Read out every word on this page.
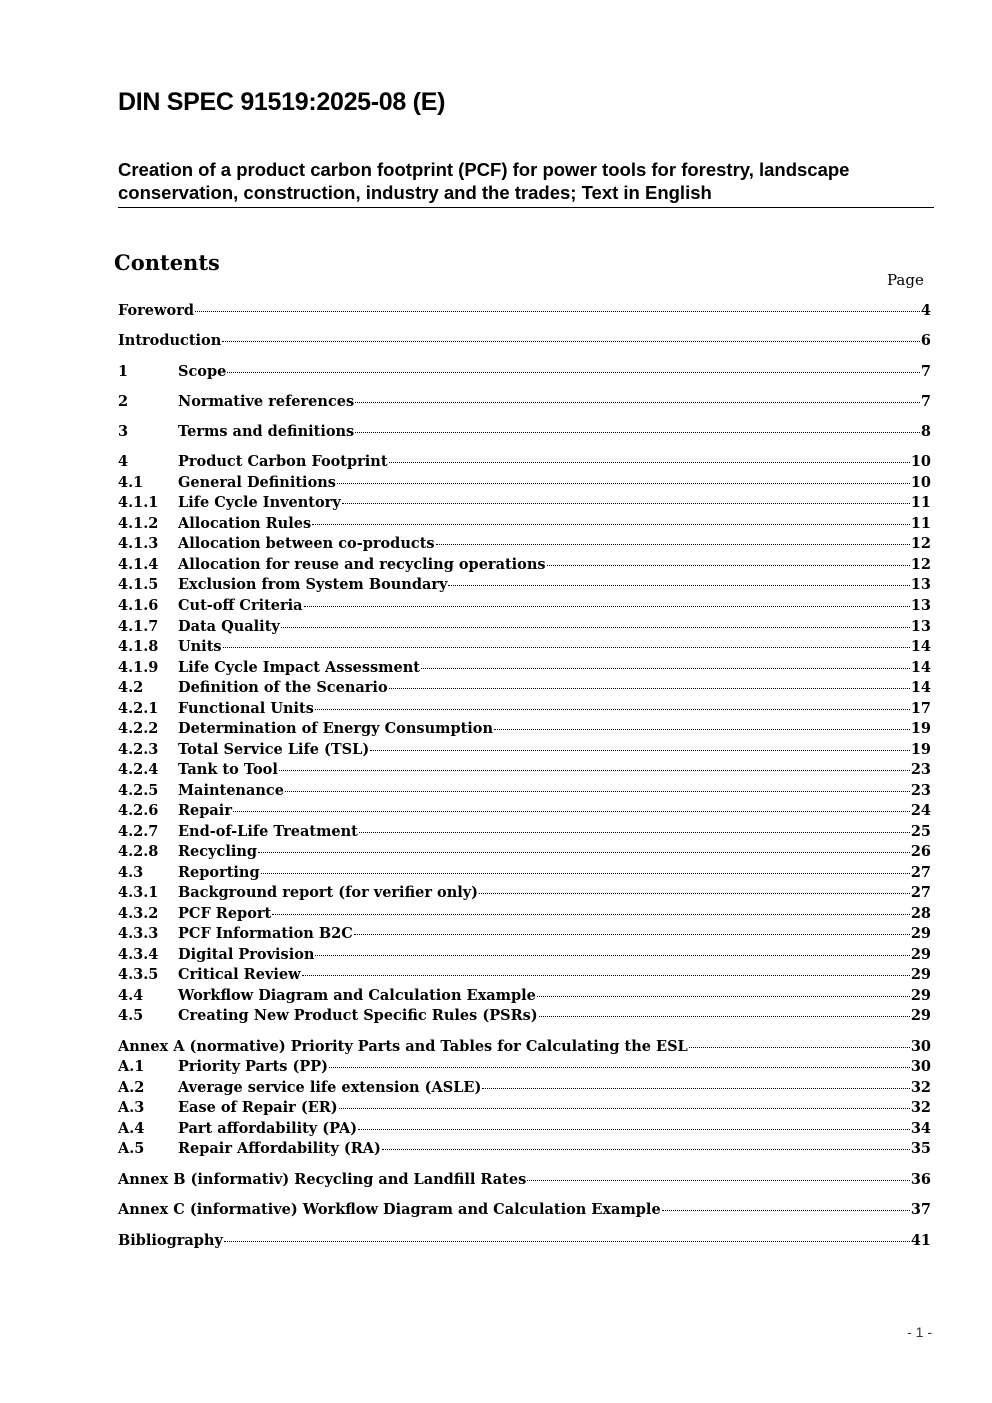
DIN SPEC 91519:2025-08 (E)
Creation of a product carbon footprint (PCF) for power tools for forestry, landscape conservation, construction, industry and the trades; Text in English
Contents
Page
Foreword	4
Introduction	6
1	Scope	7
2	Normative references	7
3	Terms and definitions	8
4	Product Carbon Footprint	10
4.1	General Definitions	10
4.1.1	Life Cycle Inventory	11
4.1.2	Allocation Rules	11
4.1.3	Allocation between co-products	12
4.1.4	Allocation for reuse and recycling operations	12
4.1.5	Exclusion from System Boundary	13
4.1.6	Cut-off Criteria	13
4.1.7	Data Quality	13
4.1.8	Units	14
4.1.9	Life Cycle Impact Assessment	14
4.2	Definition of the Scenario	14
4.2.1	Functional Units	17
4.2.2	Determination of Energy Consumption	19
4.2.3	Total Service Life (TSL)	19
4.2.4	Tank to Tool	23
4.2.5	Maintenance	23
4.2.6	Repair	24
4.2.7	End-of-Life Treatment	25
4.2.8	Recycling	26
4.3	Reporting	27
4.3.1	Background report (for verifier only)	27
4.3.2	PCF Report	28
4.3.3	PCF Information B2C	29
4.3.4	Digital Provision	29
4.3.5	Critical Review	29
4.4	Workflow Diagram and Calculation Example	29
4.5	Creating New Product Specific Rules (PSRs)	29
Annex A (normative) Priority Parts and Tables for Calculating the ESL	30
A.1	Priority Parts (PP)	30
A.2	Average service life extension (ASLE)	32
A.3	Ease of Repair (ER)	32
A.4	Part affordability (PA)	34
A.5	Repair Affordability (RA)	35
Annex B (informativ) Recycling and Landfill Rates	36
Annex C (informative) Workflow Diagram and Calculation Example	37
Bibliography	41
- 1 -
